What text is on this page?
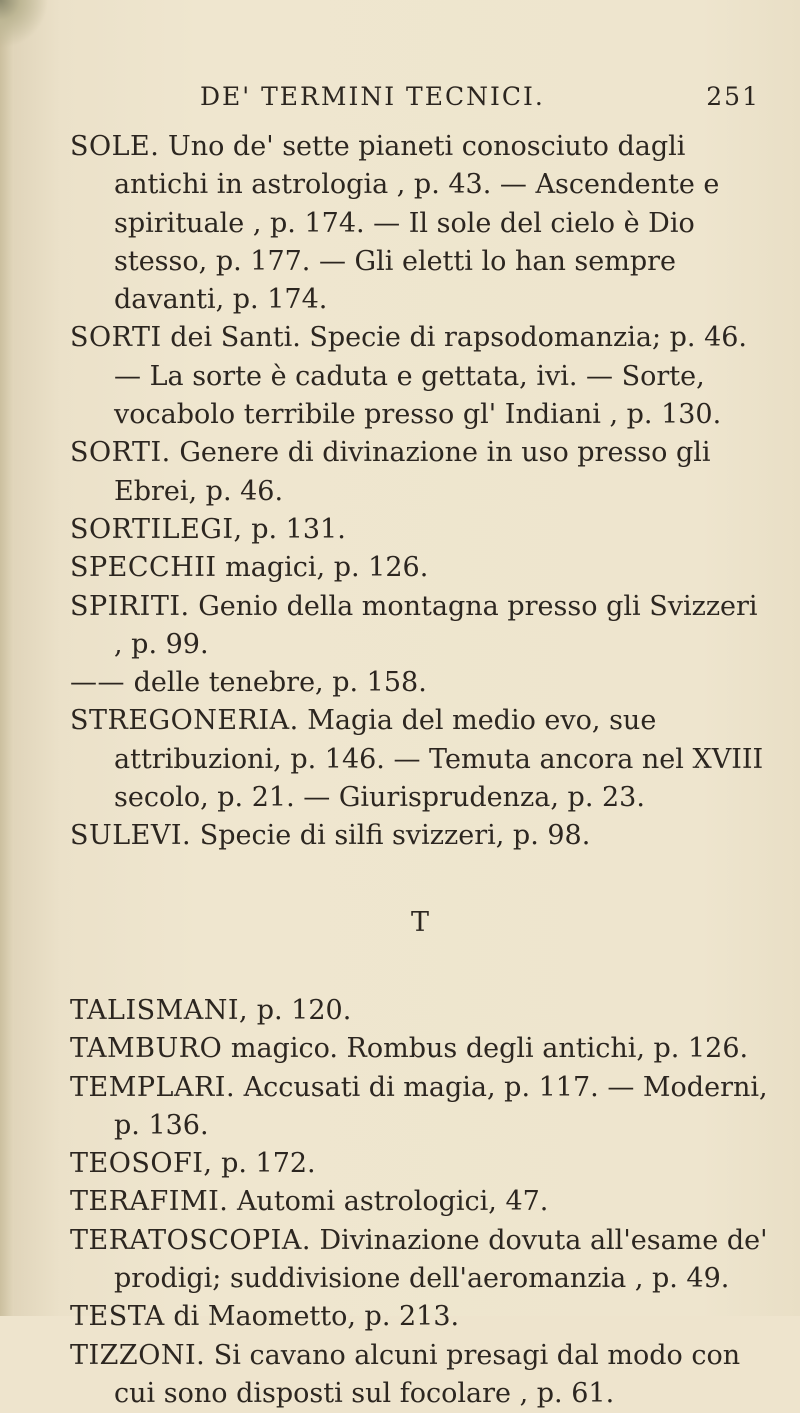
DE' TERMINI TECNICI.	251

SOLE. Uno de' sette pianeti conosciuto dagli antichi in astrologia , p. 43. — Ascendente e spirituale , p. 174. — Il sole del cielo è Dio stesso, p. 177. — Gli eletti lo han sempre davanti, p. 174.

SORTI dei Santi. Specie di rapsodomanzia; p. 46. — La sorte è caduta e gettata, ivi. — Sorte, vocabolo terribile presso gl' Indiani , p. 130.

SORTI. Genere di divinazione in uso presso gli Ebrei, p. 46.

SORTILEGI, p. 131.

SPECCHII magici, p. 126.

SPIRITI. Genio della montagna presso gli Svizzeri , p. 99.

—— delle tenebre, p. 158.

STREGONERIA. Magia del medio evo, sue attribuzioni, p. 146. — Temuta ancora nel XVIII secolo, p. 21. — Giurisprudenza, p. 23.

SULEVI. Specie di silfi svizzeri, p. 98.

T

TALISMANI, p. 120.

TAMBURO magico. Rombus degli antichi, p. 126.

TEMPLARI. Accusati di magia, p. 117. — Moderni, p. 136.

TEOSOFI, p. 172.

TERAFIMI. Automi astrologici, 47.

TERATOSCOPIA. Divinazione dovuta all'esame de' prodigi; suddivisione dell'aeromanzia , p. 49.

TESTA di Maometto, p. 213.

TIZZONI. Si cavano alcuni presagi dal modo con cui sono disposti sul focolare , p. 61.
